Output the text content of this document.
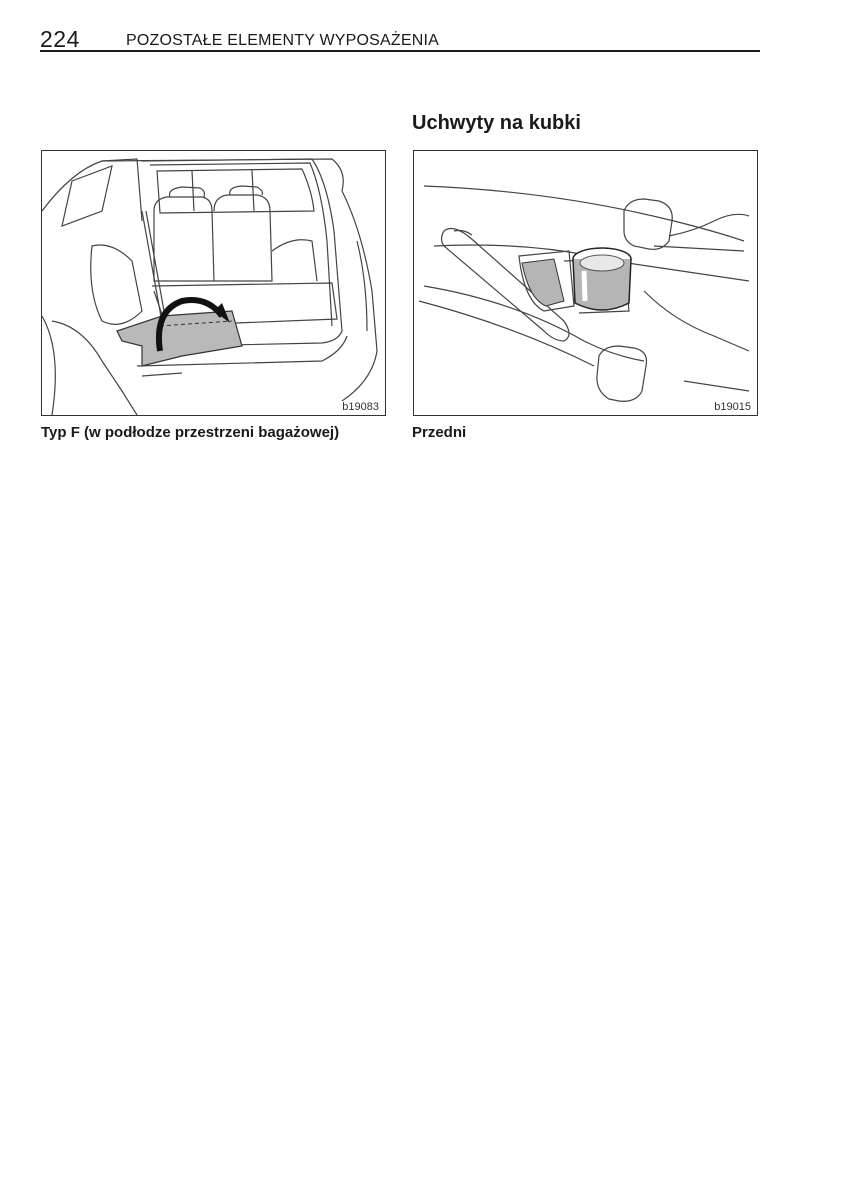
224	POZOSTAŁE ELEMENTY WYPOSAŻENIA
Uchwyty na kubki
b19083	b19015
Typ F (w podłodze przestrzeni bagażowej)	Przedni
